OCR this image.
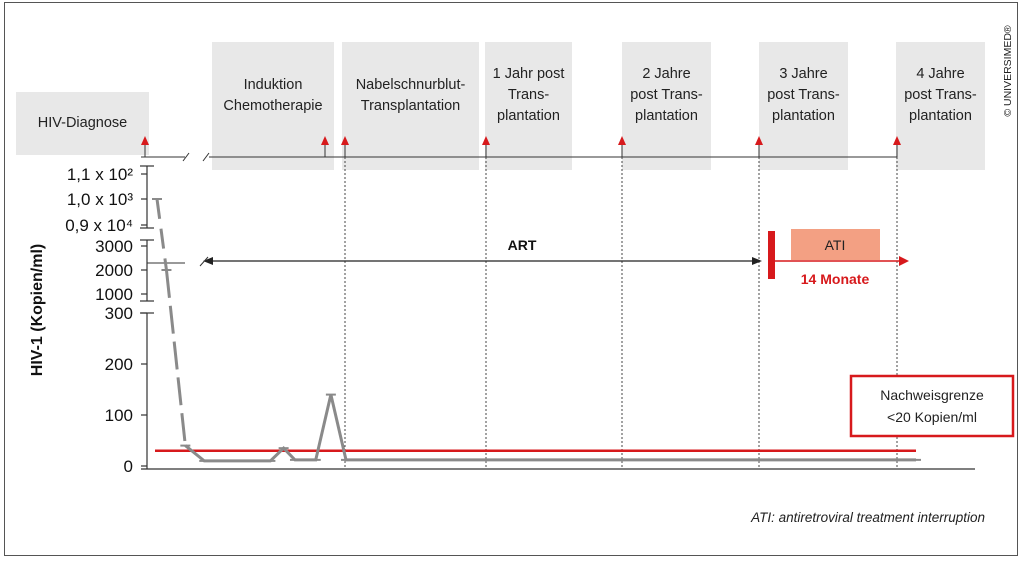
HIV-Diagnose
Induktion
Chemotherapie
Nabelschnurblut-
Transplantation
1 Jahr post
Trans-
plantation
2 Jahre
post Trans-
plantation
3 Jahre
post Trans-
plantation
4 Jahre
post Trans-
plantation
1,1 x 10²
1,0 x 10³
0,9 x 10⁴
3000
2000
1000
300
200
100
0
ART	ATI
14 Monate
Nachweisgrenze
<20 Kopien/ml
HIV-1 (Kopien/ml)
© UNIVERSIMED®
ATI: antiretroviral treatment interruption
